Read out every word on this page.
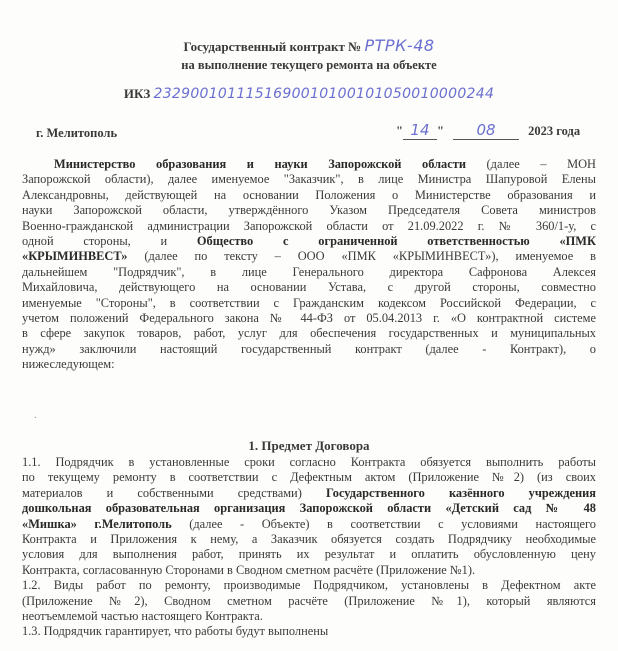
Государственный контракт № РТРК-48
на выполнение текущего ремонта на объекте
ИКЗ 2329001011151690010100101050010000244
г. Мелитополь	" 14 " 08	2023 года
Министерство образования и науки Запорожской области (далее – МОН
Запорожской области), далее именуемое "Заказчик", в лице Министра Шапуровой Елены
Александровны, действующей на основании Положения о Министерстве образования и
науки Запорожской области, утверждённого Указом Председателя Совета министров
Военно-гражданской администрации Запорожской области от 21.09.2022 г. № 360/1-у, с
одной стороны, и Общество с ограниченной ответственностью «ПМК
«КРЫМИНВЕСТ» (далее по тексту – ООО «ПМК «КРЫМИНВЕСТ»), именуемое в
дальнейшем "Подрядчик", в лице Генерального директора Сафронова Алексея
Михайловича, действующего на основании Устава, с другой стороны, совместно
именуемые "Стороны", в соответствии с Гражданским кодексом Российской Федерации, с
учетом положений Федерального закона № 44-ФЗ от 05.04.2013 г. «О контрактной системе
в сфере закупок товаров, работ, услуг для обеспечения государственных и муниципальных
нужд» заключили настоящий государственный контракт (далее - Контракт), о
нижеследующем:
.
1. Предмет Договора
1.1. Подрядчик в установленные сроки согласно Контракта обязуется выполнить работы
по текущему ремонту в соответствии с Дефектным актом (Приложение №2) (из своих
материалов и собственными средствами) Государственного казённого учреждения
дошкольная образовательная организация Запорожской области «Детский сад № 48
«Мишка» г.Мелитополь (далее - Объекте) в соответствии с условиями настоящего
Контракта и Приложения к нему, а Заказчик обязуется создать Подрядчику необходимые
условия для выполнения работ, принять их результат и оплатить обусловленную цену
Контракта, согласованную Сторонами в Сводном сметном расчёте (Приложение №1).
1.2. Виды работ по ремонту, производимые Подрядчиком, установлены в Дефектном акте
(Приложение №2), Сводном сметном расчёте (Приложение №1), который являются
неотъемлемой частью настоящего Контракта.
1.3. Подрядчик гарантирует, что работы будут выполнены
